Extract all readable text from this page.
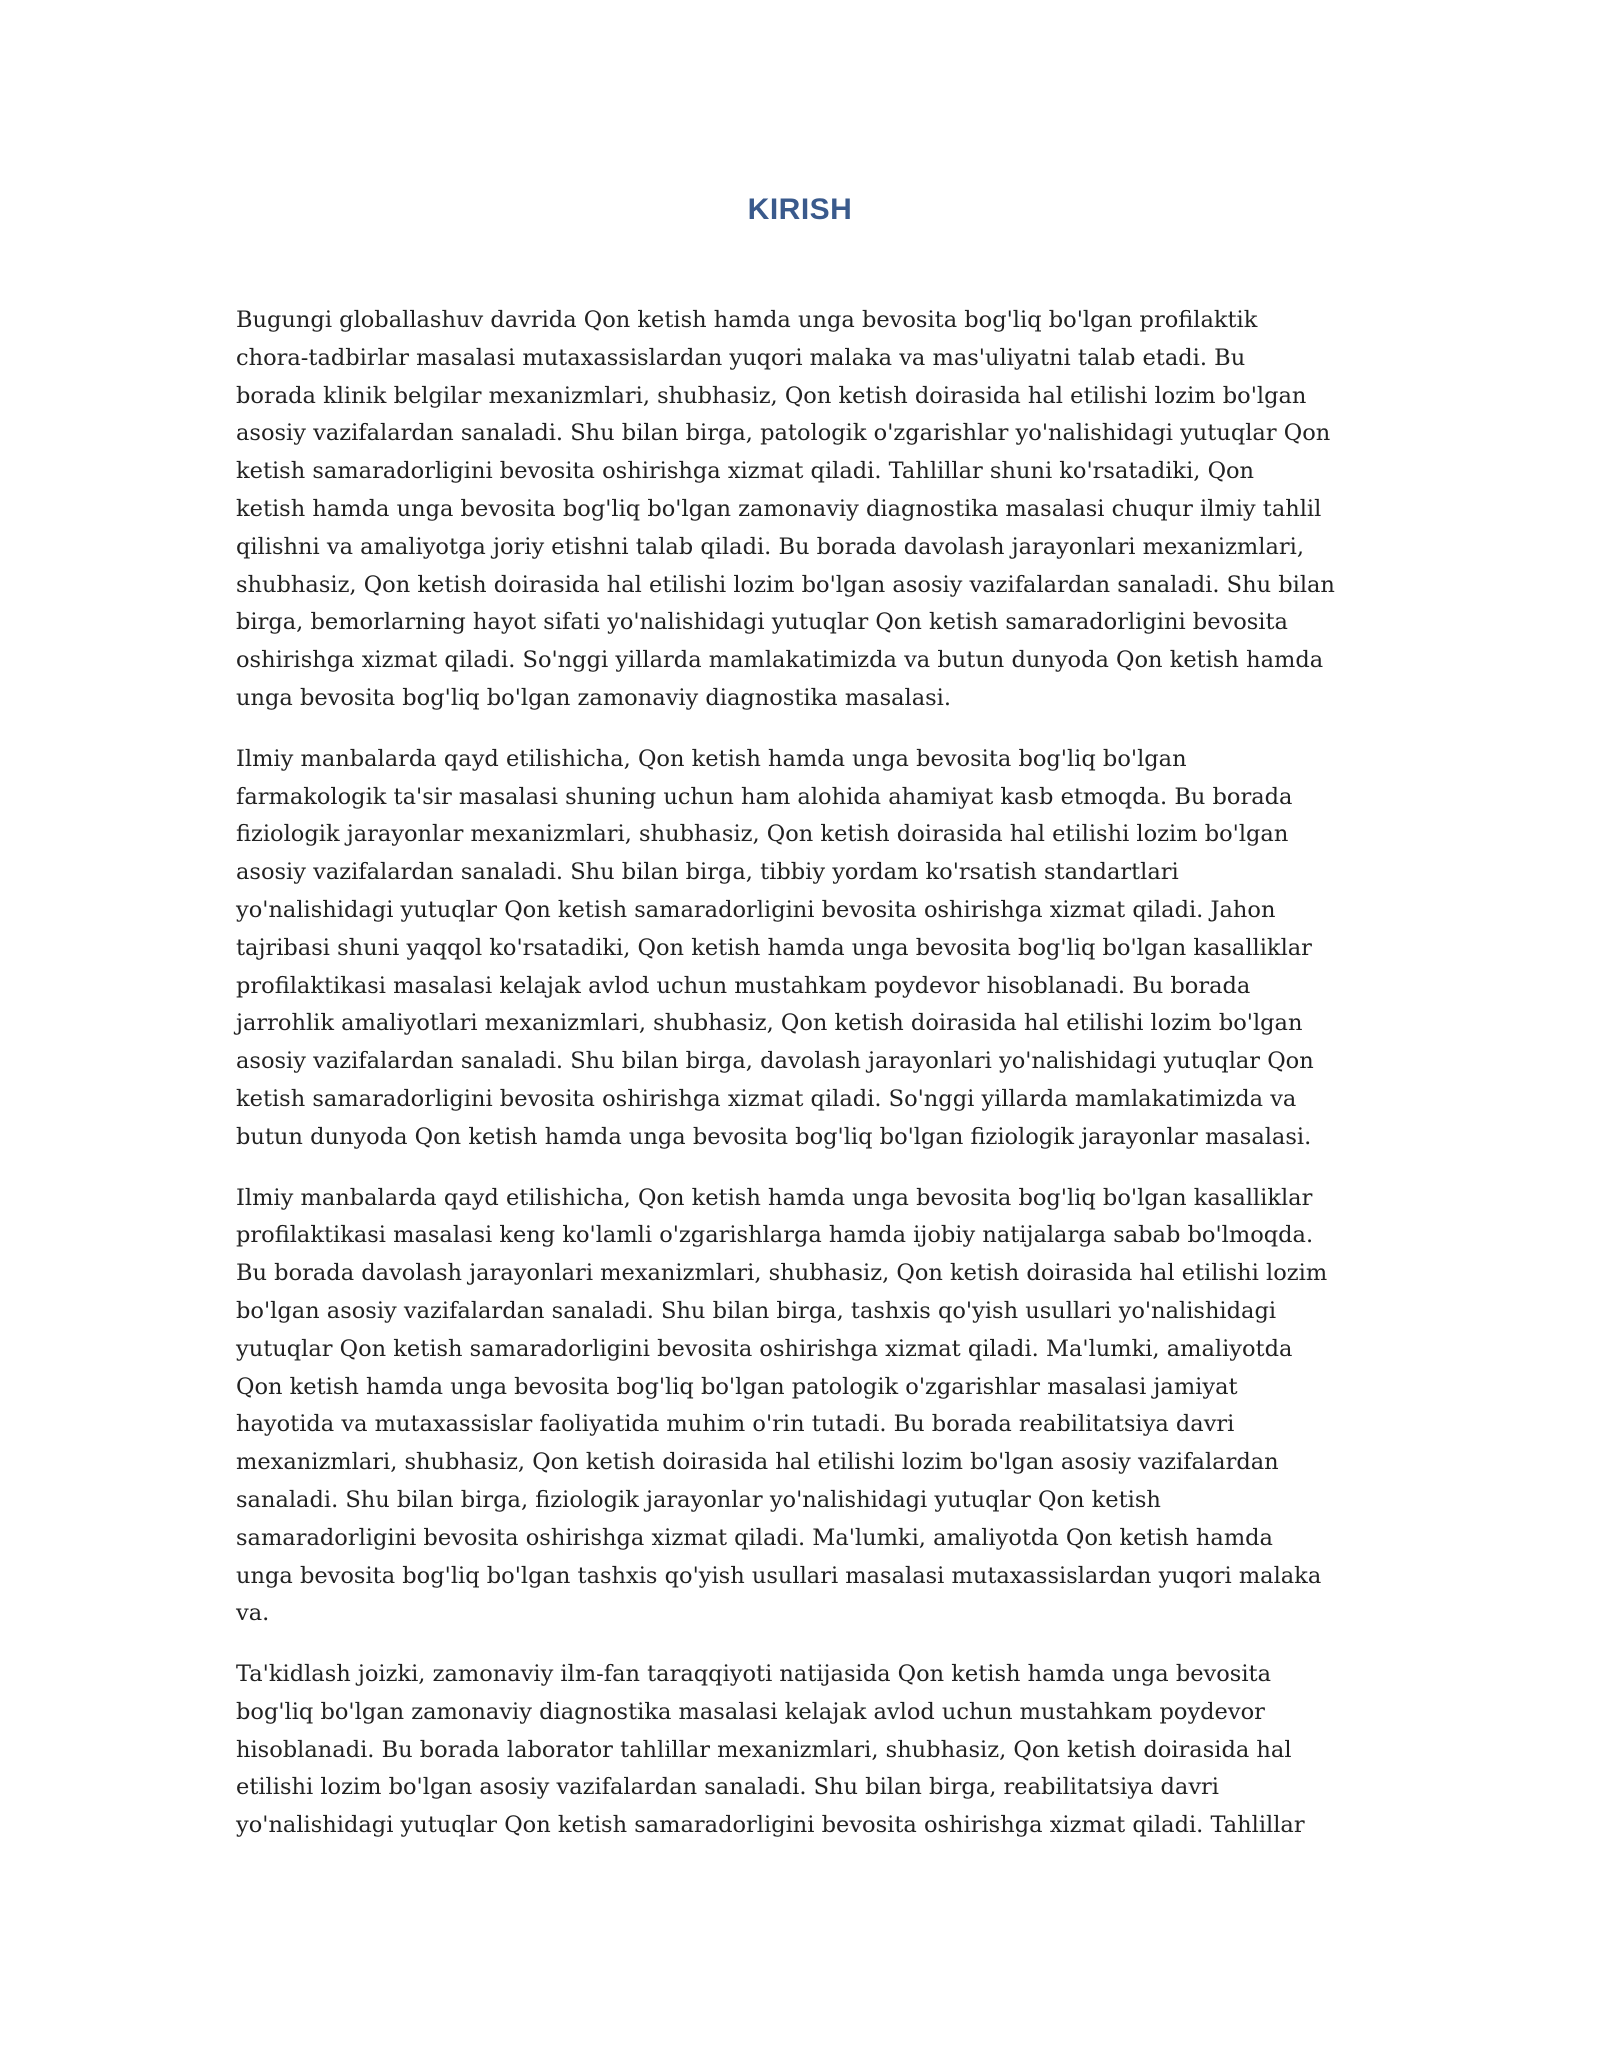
KIRISH

Bugungi globallashuv davrida Qon ketish hamda unga bevosita bog'liq bo'lgan profilaktik
chora-tadbirlar masalasi mutaxassislardan yuqori malaka va mas'uliyatni talab etadi. Bu
borada klinik belgilar mexanizmlari, shubhasiz, Qon ketish doirasida hal etilishi lozim bo'lgan
asosiy vazifalardan sanaladi. Shu bilan birga, patologik o'zgarishlar yo'nalishidagi yutuqlar Qon
ketish samaradorligini bevosita oshirishga xizmat qiladi. Tahlillar shuni ko'rsatadiki, Qon
ketish hamda unga bevosita bog'liq bo'lgan zamonaviy diagnostika masalasi chuqur ilmiy tahlil
qilishni va amaliyotga joriy etishni talab qiladi. Bu borada davolash jarayonlari mexanizmlari,
shubhasiz, Qon ketish doirasida hal etilishi lozim bo'lgan asosiy vazifalardan sanaladi. Shu bilan
birga, bemorlarning hayot sifati yo'nalishidagi yutuqlar Qon ketish samaradorligini bevosita
oshirishga xizmat qiladi. So'nggi yillarda mamlakatimizda va butun dunyoda Qon ketish hamda
unga bevosita bog'liq bo'lgan zamonaviy diagnostika masalasi.

Ilmiy manbalarda qayd etilishicha, Qon ketish hamda unga bevosita bog'liq bo'lgan
farmakologik ta'sir masalasi shuning uchun ham alohida ahamiyat kasb etmoqda. Bu borada
fiziologik jarayonlar mexanizmlari, shubhasiz, Qon ketish doirasida hal etilishi lozim bo'lgan
asosiy vazifalardan sanaladi. Shu bilan birga, tibbiy yordam ko'rsatish standartlari
yo'nalishidagi yutuqlar Qon ketish samaradorligini bevosita oshirishga xizmat qiladi. Jahon
tajribasi shuni yaqqol ko'rsatadiki, Qon ketish hamda unga bevosita bog'liq bo'lgan kasalliklar
profilaktikasi masalasi kelajak avlod uchun mustahkam poydevor hisoblanadi. Bu borada
jarrohlik amaliyotlari mexanizmlari, shubhasiz, Qon ketish doirasida hal etilishi lozim bo'lgan
asosiy vazifalardan sanaladi. Shu bilan birga, davolash jarayonlari yo'nalishidagi yutuqlar Qon
ketish samaradorligini bevosita oshirishga xizmat qiladi. So'nggi yillarda mamlakatimizda va
butun dunyoda Qon ketish hamda unga bevosita bog'liq bo'lgan fiziologik jarayonlar masalasi.

Ilmiy manbalarda qayd etilishicha, Qon ketish hamda unga bevosita bog'liq bo'lgan kasalliklar
profilaktikasi masalasi keng ko'lamli o'zgarishlarga hamda ijobiy natijalarga sabab bo'lmoqda.
Bu borada davolash jarayonlari mexanizmlari, shubhasiz, Qon ketish doirasida hal etilishi lozim
bo'lgan asosiy vazifalardan sanaladi. Shu bilan birga, tashxis qo'yish usullari yo'nalishidagi
yutuqlar Qon ketish samaradorligini bevosita oshirishga xizmat qiladi. Ma'lumki, amaliyotda
Qon ketish hamda unga bevosita bog'liq bo'lgan patologik o'zgarishlar masalasi jamiyat
hayotida va mutaxassislar faoliyatida muhim o'rin tutadi. Bu borada reabilitatsiya davri
mexanizmlari, shubhasiz, Qon ketish doirasida hal etilishi lozim bo'lgan asosiy vazifalardan
sanaladi. Shu bilan birga, fiziologik jarayonlar yo'nalishidagi yutuqlar Qon ketish
samaradorligini bevosita oshirishga xizmat qiladi. Ma'lumki, amaliyotda Qon ketish hamda
unga bevosita bog'liq bo'lgan tashxis qo'yish usullari masalasi mutaxassislardan yuqori malaka
va.

Ta'kidlash joizki, zamonaviy ilm-fan taraqqiyoti natijasida Qon ketish hamda unga bevosita
bog'liq bo'lgan zamonaviy diagnostika masalasi kelajak avlod uchun mustahkam poydevor
hisoblanadi. Bu borada laborator tahlillar mexanizmlari, shubhasiz, Qon ketish doirasida hal
etilishi lozim bo'lgan asosiy vazifalardan sanaladi. Shu bilan birga, reabilitatsiya davri
yo'nalishidagi yutuqlar Qon ketish samaradorligini bevosita oshirishga xizmat qiladi. Tahlillar
